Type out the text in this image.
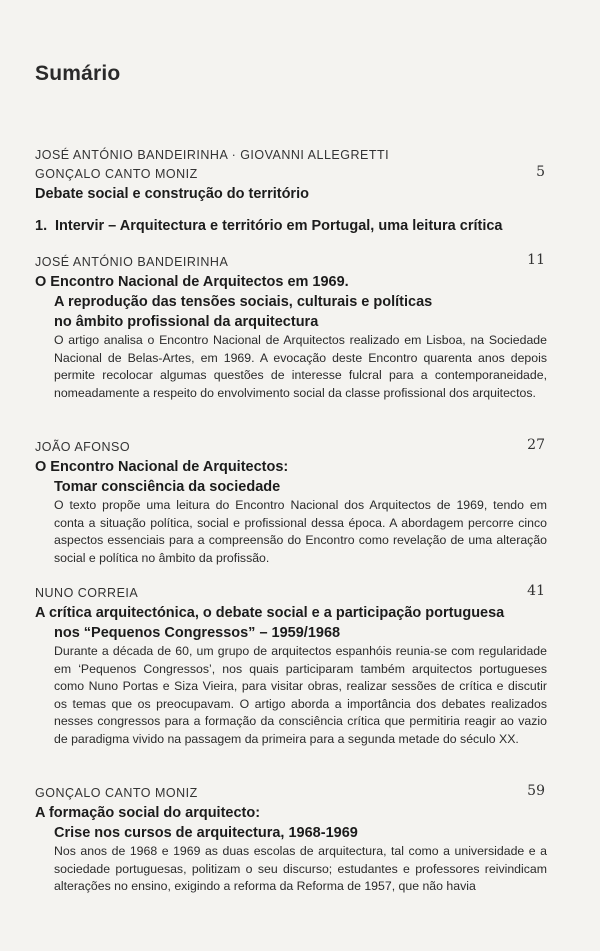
Sumário
JOSÉ ANTÓNIO BANDEIRINHA · GIOVANNI ALLEGRETTI
GONÇALO CANTO MONIZ
Debate social e construção do território
5
1. Intervir – Arquitectura e território em Portugal, uma leitura crítica
JOSÉ ANTÓNIO BANDEIRINHA
O Encontro Nacional de Arquitectos em 1969.
A reprodução das tensões sociais, culturais e políticas
no âmbito profissional da arquitectura
O artigo analisa o Encontro Nacional de Arquitectos realizado em Lisboa, na Sociedade Nacional de Belas-Artes, em 1969. A evocação deste Encontro quarenta anos depois permite recolocar algumas questões de interesse fulcral para a contemporaneidade, nomeadamente a respeito do envolvimento social da classe profissional dos arquitectos.
11
JOÃO AFONSO
O Encontro Nacional de Arquitectos:
Tomar consciência da sociedade
O texto propõe uma leitura do Encontro Nacional dos Arquitectos de 1969, tendo em conta a situação política, social e profissional dessa época. A abordagem percorre cinco aspectos essenciais para a compreensão do Encontro como revelação de uma alteração social e política no âmbito da profissão.
27
NUNO CORREIA
A crítica arquitectónica, o debate social e a participação portuguesa
nos “Pequenos Congressos” – 1959/1968
Durante a década de 60, um grupo de arquitectos espanhóis reunia-se com regularidade em ‘Pequenos Congressos’, nos quais participaram também arquitectos portugueses como Nuno Portas e Siza Vieira, para visitar obras, realizar sessões de crítica e discutir os temas que os preocupavam. O artigo aborda a importância dos debates realizados nesses congressos para a formação da consciência crítica que permitiria reagir ao vazio de paradigma vivido na passagem da primeira para a segunda metade do século XX.
41
GONÇALO CANTO MONIZ
A formação social do arquitecto:
Crise nos cursos de arquitectura, 1968-1969
Nos anos de 1968 e 1969 as duas escolas de arquitectura, tal como a universidade e a sociedade portuguesas, politizam o seu discurso; estudantes e professores reivindicam alterações no ensino, exigindo a reforma da Reforma de 1957, que não havia
59
